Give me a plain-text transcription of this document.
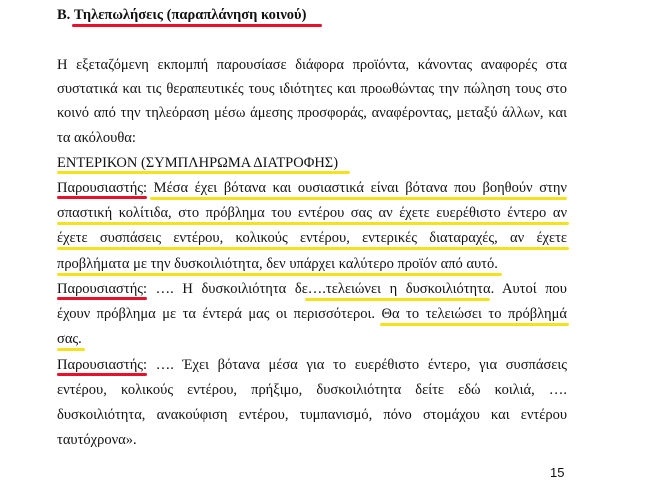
B. Τηλεπωλήσεις (παραπλάνηση κοινού)
Η εξεταζόμενη εκπομπή παρουσίασε διάφορα προϊόντα, κάνοντας αναφορές στα
συστατικά και τις θεραπευτικές τους ιδιότητες και προωθώντας την πώληση τους στο
κοινό από την τηλεόραση μέσω άμεσης προσφοράς, αναφέροντας, μεταξύ άλλων, και
τα ακόλουθα:
ΕΝΤΕΡΙΚΟΝ (ΣΥΜΠΛΗΡΩΜΑ ΔΙΑΤΡΟΦΗΣ)
Παρουσιαστής: Μέσα έχει βότανα και ουσιαστικά είναι βότανα που βοηθούν στην
σπαστική κολίτιδα, στο πρόβλημα του εντέρου σας αν έχετε ευερέθιστο έντερο αν
έχετε συσπάσεις εντέρου, κολικούς εντέρου, εντερικές διαταραχές, αν έχετε
προβλήματα με την δυσκοιλιότητα, δεν υπάρχει καλύτερο προϊόν από αυτό.
Παρουσιαστής: …. Η δυσκοιλιότητα δε….τελειώνει η δυσκοιλιότητα. Αυτοί που
έχουν πρόβλημα με τα έντερά μας οι περισσότεροι. Θα το τελειώσει το πρόβλημά
σας.
Παρουσιαστής: …. Έχει βότανα μέσα για το ευερέθιστο έντερο, για συσπάσεις
εντέρου, κολικούς εντέρου, πρήξιμο, δυσκοιλιότητα δείτε εδώ κοιλιά, ….
δυσκοιλιότητα, ανακούφιση εντέρου, τυμπανισμό, πόνο στομάχου και εντέρου
ταυτόχρονα».
15
